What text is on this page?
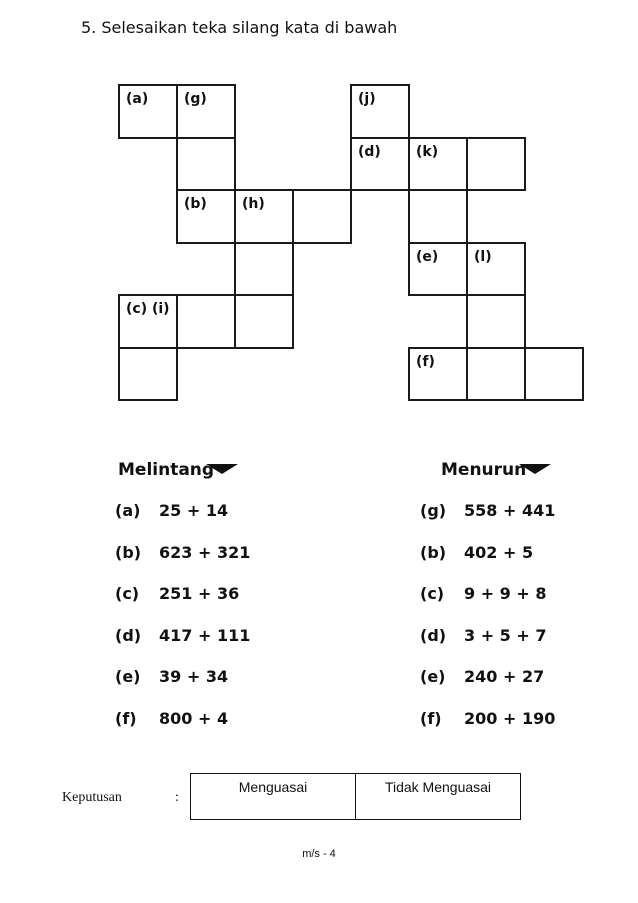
5. Selesaikan teka silang kata di bawah
(a)	(g)	(j)
(d)	(k)
(b)	(h)
(e)	(l)
(c) (i)
(f)
Melintang	Menurun
(a) 25 + 14
(b) 623 + 321
(c) 251 + 36
(d) 417 + 111
(e) 39 + 34
(f) 800 + 4
(g) 558 + 441
(b) 402 + 5
(c) 9 + 9 + 8
(d) 3 + 5 + 7
(e) 240 + 27
(f) 200 + 190
Keputusan	:
Menguasai	Tidak Menguasai
m/s - 4
